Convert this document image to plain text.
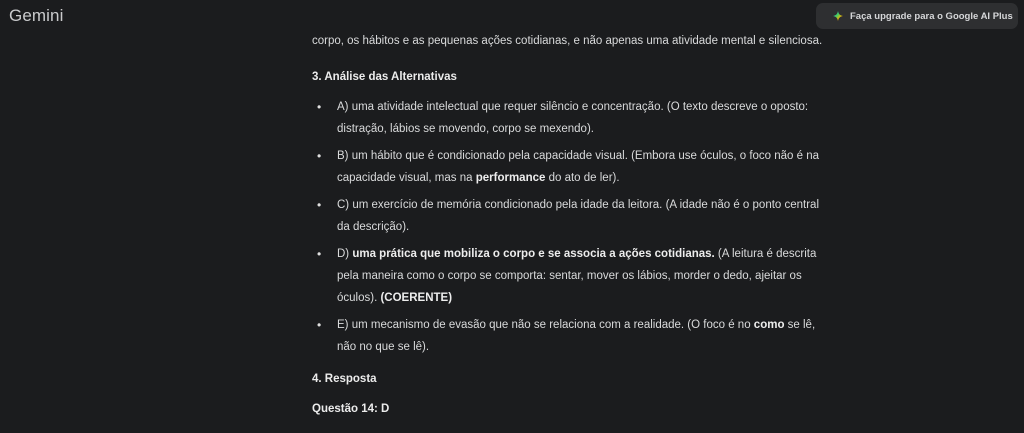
Gemini	Faça upgrade para o Google AI Plus

corpo, os hábitos e as pequenas ações cotidianas, e não apenas uma atividade mental e silenciosa.

3. Análise das Alternativas

• A) uma atividade intelectual que requer silêncio e concentração. (O texto descreve o oposto: distração, lábios se movendo, corpo se mexendo).
• B) um hábito que é condicionado pela capacidade visual. (Embora use óculos, o foco não é na capacidade visual, mas na performance do ato de ler).
• C) um exercício de memória condicionado pela idade da leitora. (A idade não é o ponto central da descrição).
• D) uma prática que mobiliza o corpo e se associa a ações cotidianas. (A leitura é descrita pela maneira como o corpo se comporta: sentar, mover os lábios, morder o dedo, ajeitar os óculos). (COERENTE)
• E) um mecanismo de evasão que não se relaciona com a realidade. (O foco é no como se lê, não no que se lê).

4. Resposta

Questão 14: D
